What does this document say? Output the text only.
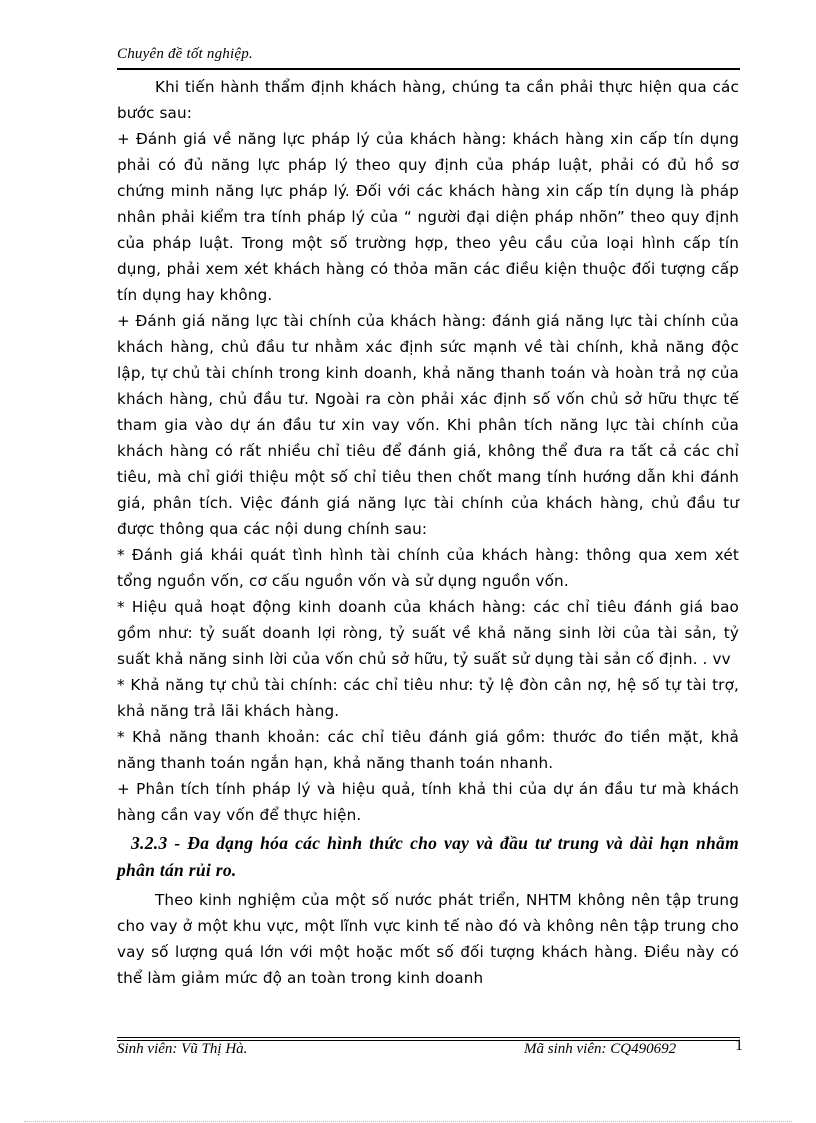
Chuyên đề tốt nghiệp.

Khi tiến hành thẩm định khách hàng, chúng ta cần phải thực hiện qua các bước sau:

+ Đánh giá về năng lực pháp lý của khách hàng: khách hàng xin cấp tín dụng phải có đủ năng lực pháp lý theo quy định của pháp luật, phải có đủ hồ sơ chứng minh năng lực pháp lý. Đối với các khách hàng xin cấp tín dụng là pháp nhân phải kiểm tra tính pháp lý của “ người đại diện pháp nhõn” theo quy định của pháp luật. Trong một số trường hợp, theo yêu cầu của loại hình cấp tín dụng, phải xem xét khách hàng có thỏa mãn các điều kiện thuộc đối tượng cấp tín dụng hay không.

+ Đánh giá năng lực tài chính của khách hàng: đánh giá năng lực tài chính của khách hàng, chủ đầu tư nhằm xác định sức mạnh về tài chính, khả năng độc lập, tự chủ tài chính trong kinh doanh, khả năng thanh toán và hoàn trả nợ của khách hàng, chủ đầu tư. Ngoài ra còn phải xác định số vốn chủ sở hữu thực tế tham gia vào dự án đầu tư xin vay vốn. Khi phân tích năng lực tài chính của khách hàng có rất nhiều chỉ tiêu để đánh giá, không thể đưa ra tất cả các chỉ tiêu, mà chỉ giới thiệu một số chỉ tiêu then chốt mang tính hướng dẫn khi đánh giá, phân tích. Việc đánh giá năng lực tài chính của khách hàng, chủ đầu tư được thông qua các nội dung chính sau:

* Đánh giá khái quát tình hình tài chính của khách hàng: thông qua xem xét tổng nguồn vốn, cơ cấu nguồn vốn và sử dụng nguồn vốn.

* Hiệu quả hoạt động kinh doanh của khách hàng: các chỉ tiêu đánh giá bao gồm như: tỷ suất doanh lợi ròng, tỷ suất về khả năng sinh lời của tài sản, tỷ suất khả năng sinh lời của vốn chủ sở hữu, tỷ suất sử dụng tài sản cố định. . vv

* Khả năng tự chủ tài chính: các chỉ tiêu như: tỷ lệ đòn cân nợ, hệ số tự tài trợ, khả năng trả lãi khách hàng.

* Khả năng thanh khoản: các chỉ tiêu đánh giá gồm: thước đo tiền mặt, khả năng thanh toán ngắn hạn, khả năng thanh toán nhanh.

+ Phân tích tính pháp lý và hiệu quả, tính khả thi của dự án đầu tư mà khách hàng cần vay vốn để thực hiện.

3.2.3 - Đa dạng hóa các hình thức cho vay và đầu tư trung và dài hạn nhằm phân tán rủi ro.

Theo kinh nghiệm của một số nước phát triển, NHTM không nên tập trung cho vay ở một khu vực, một lĩnh vực kinh tế nào đó và không nên tập trung cho vay số lượng quá lớn với một hoặc mốt số đối tượng khách hàng. Điều này có thể làm giảm mức độ an toàn trong kinh doanh

Sinh viên: Vũ Thị Hà.	Mã sinh viên: CQ490692	1
